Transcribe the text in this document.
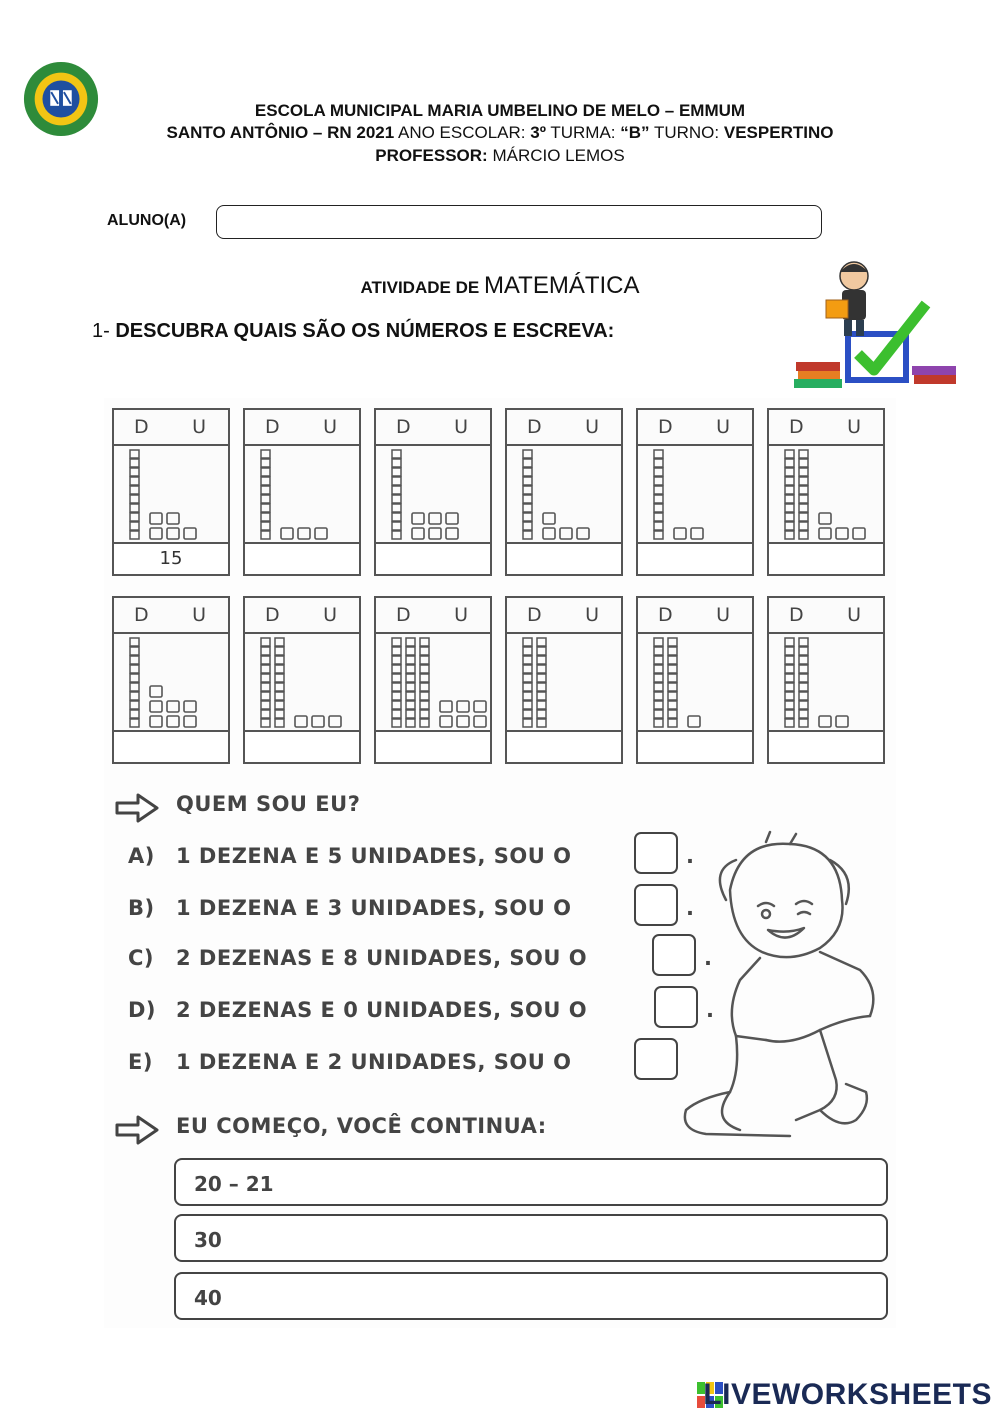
ESCOLA MUNICIPAL MARIA UMBELINO DE MELO – EMMUM
SANTO ANTÔNIO – RN 2021 ANO ESCOLAR: 3º TURMA: “B” TURNO: VESPERTINO
PROFESSOR: MÁRCIO LEMOS
ALUNO(A)
ATIVIDADE DE MATEMÁTICA
1- DESCUBRA QUAIS SÃO OS NÚMEROS E ESCREVA:
D U
15
D U	D U	D U	D U	D U
D U	D U	D U	D U	D U	D U
QUEM SOU EU?
A) 1 DEZENA E 5 UNIDADES, SOU O	.
B) 1 DEZENA E 3 UNIDADES, SOU O	.
C) 2 DEZENAS E 8 UNIDADES, SOU O	.
D) 2 DEZENAS E 0 UNIDADES, SOU O	.
E) 1 DEZENA E 2 UNIDADES, SOU O
EU COMEÇO, VOCÊ CONTINUA:
20 – 21
30
40
LIVEWORKSHEETS
